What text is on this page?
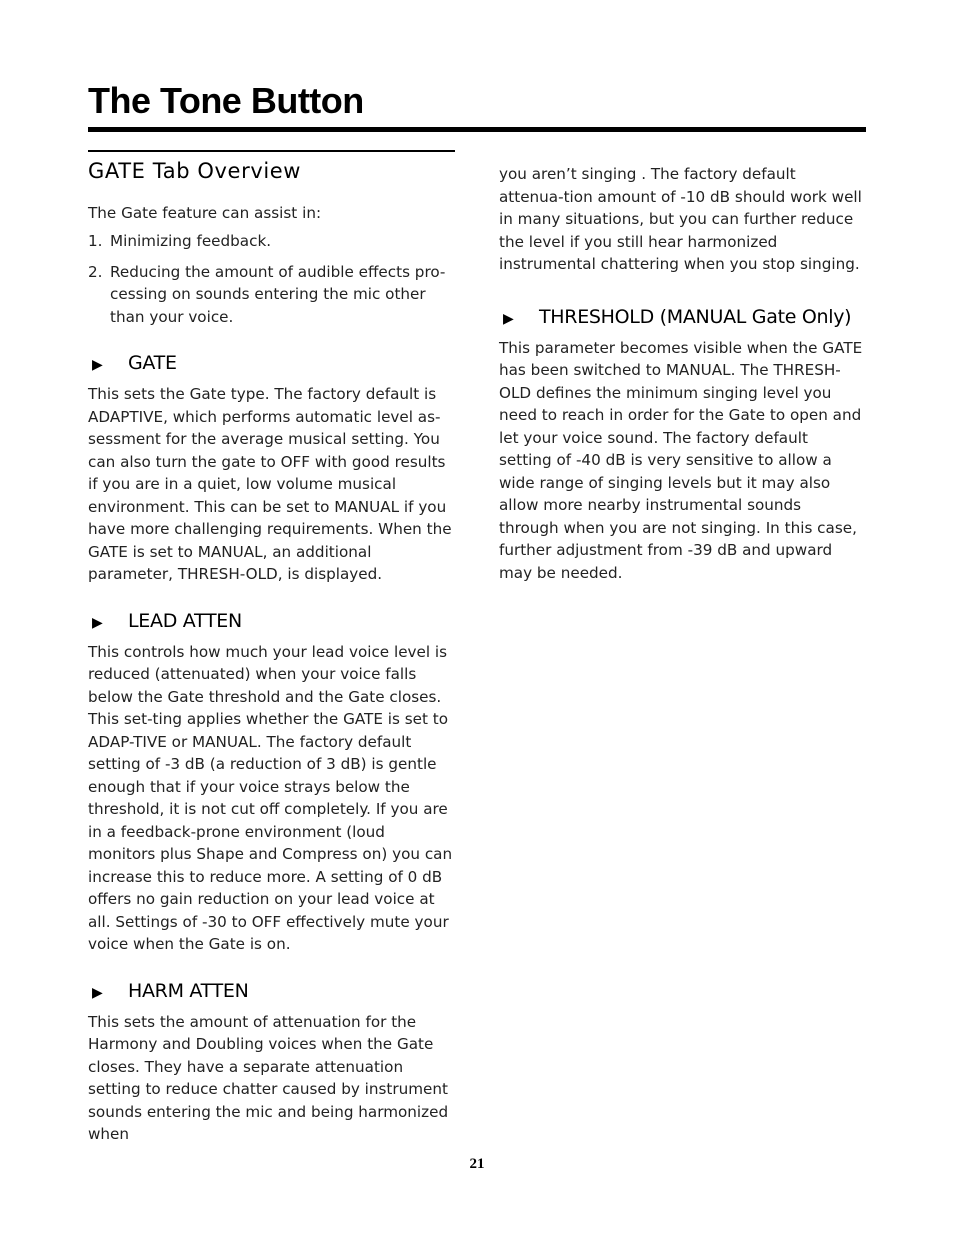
The Tone Button
GATE Tab Overview

The Gate feature can assist in:

1. Minimizing feedback.
2. Reducing the amount of audible effects pro-cessing on sounds entering the mic other than your voice.
▶ GATE

This sets the Gate type. The factory default is ADAPTIVE, which performs automatic level as-sessment for the average musical setting. You can also turn the gate to OFF with good results if you are in a quiet, low volume musical environment. This can be set to MANUAL if you have more challenging requirements. When the GATE is set to MANUAL, an additional parameter, THRESH-OLD, is displayed.

▶ LEAD ATTEN

This controls how much your lead voice level is reduced (attenuated) when your voice falls below the Gate threshold and the Gate closes. This set-ting applies whether the GATE is set to ADAP-TIVE or MANUAL. The factory default setting of -3 dB (a reduction of 3 dB) is gentle enough that if your voice strays below the threshold, it is not cut off completely. If you are in a feedback-prone environment (loud monitors plus Shape and Compress on) you can increase this to reduce more. A setting of 0 dB offers no gain reduction on your lead voice at all. Settings of -30 to OFF effectively mute your voice when the Gate is on.

▶ HARM ATTEN

This sets the amount of attenuation for the Harmony and Doubling voices when the Gate closes. They have a separate attenuation setting to reduce chatter caused by instrument sounds entering the mic and being harmonized when

you aren’t singing . The factory default attenua-tion amount of -10 dB should work well in many situations, but you can further reduce the level if you still hear harmonized instrumental chattering when you stop singing.

▶ THRESHOLD (MANUAL Gate Only)

This parameter becomes visible when the GATE has been switched to MANUAL. The THRESH-OLD defines the minimum singing level you need to reach in order for the Gate to open and let your voice sound. The factory default setting of -40 dB is very sensitive to allow a wide range of singing levels but it may also allow more nearby instrumental sounds through when you are not singing. In this case, further adjustment from -39 dB and upward may be needed.

21
